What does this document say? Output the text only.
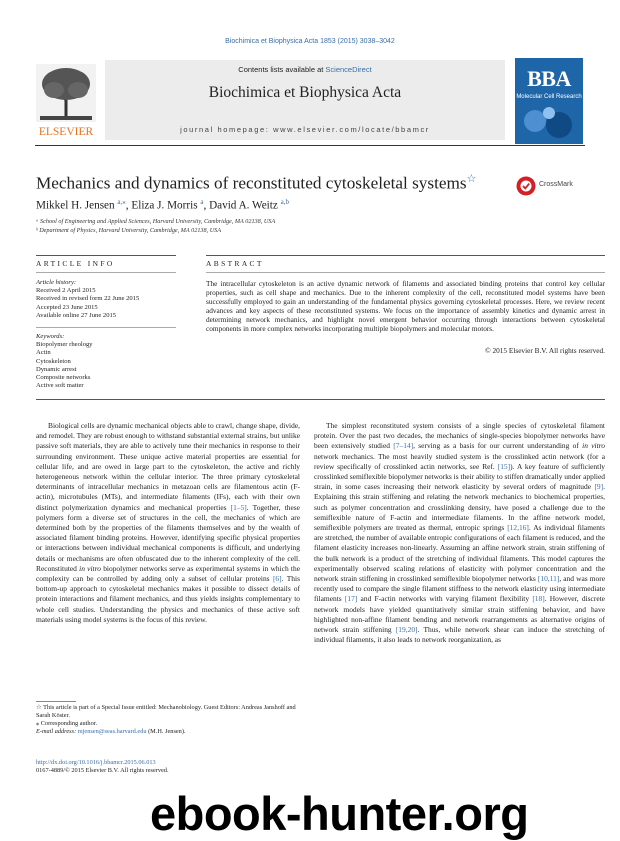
Biochimica et Biophysica Acta 1853 (2015) 3038–3042
Contents lists available at ScienceDirect
Biochimica et Biophysica Acta
journal homepage: www.elsevier.com/locate/bbamcr
ELSEVIER
BBA
Molecular Cell Research
Mechanics and dynamics of reconstituted cytoskeletal systems☆	CrossMark
Mikkel H. Jensen $^{a,⁎}$, Eliza J. Morris $^a$, David A. Weitz $^{a,b}$
ᵃ School of Engineering and Applied Sciences, Harvard University, Cambridge, MA 02138, USA
ᵇ Department of Physics, Harvard University, Cambridge, MA 02138, USA
ARTICLE INFO	ABSTRACT
Article history:
Received 2 April 2015
Received in revised form 22 June 2015
Accepted 23 June 2015
Available online 27 June 2015
Keywords:
Biopolymer rheology
Actin
Cytoskeleton
Dynamic arrest
Composite networks
Active soft matter
The intracellular cytoskeleton is an active dynamic network of filaments and associated binding proteins that control key cellular properties, such as cell shape and mechanics. Due to the inherent complexity of the cell, reconstituted model systems have been successfully employed to gain an understanding of the fundamental physics governing cytoskeletal processes. Here, we review recent advances and key aspects of these reconstituted systems. We focus on the importance of assembly kinetics and dynamic arrest in determining network mechanics, and highlight novel emergent behavior occurring through interactions between cytoskeletal components in more complex networks incorporating multiple biopolymers and molecular motors.
© 2015 Elsevier B.V. All rights reserved.
Biological cells are dynamic mechanical objects able to crawl, change shape, divide, and remodel. They are robust enough to withstand substantial external strains, but unlike passive soft materials, they are able to actively tune their mechanics in response to their surrounding environment. These unique active material properties are essential for cellular life, and are owed in large part to the cytoskeleton, the active and richly heterogeneous network within the cellular interior. The three primary cytoskeletal determinants of intracellular mechanics in metazoan cells are filamentous actin (F-actin), microtubules (MTs), and intermediate filaments (IFs), each with their own distinct polymerization dynamics and mechanical properties [1–5]. Together, these polymers form a diverse set of structures in the cell, the mechanics of which are determined both by the properties of the filaments themselves and by the wealth of associated filament binding proteins. However, identifying specific physical properties or interactions between individual mechanical components is difficult, and underlying details or mechanisms are often obfuscated due to the inherent complexity of the cell. Reconstituted in vitro biopolymer networks serve as experimental systems in which the complexity can be controlled by adding only a subset of cellular proteins [6]. This bottom-up approach to cytoskeletal mechanics makes it possible to dissect details of protein interactions and filament mechanics, and thus yields insights complementary to whole cell studies. Understanding the physics and mechanics of these active soft materials using model systems is the focus of this review.
The simplest reconstituted system consists of a single species of cytoskeletal filament protein. Over the past two decades, the mechanics of single-species biopolymer networks have been extensively studied [7–14], serving as a basis for our current understanding of in vitro network mechanics. The most heavily studied system is the crosslinked actin network (for a review specifically of crosslinked actin networks, see Ref. [15]). A key feature of sufficiently crosslinked semiflexible biopolymer networks is their ability to stiffen dramatically under applied strain, in some cases increasing their network elasticity by several orders of magnitude [9]. Explaining this strain stiffening and relating the network mechanics to biochemical properties, such as polymer concentration and crosslinking density, have posed a challenge due to the semiflexible nature of F-actin and intermediate filaments. In the affine network model, semiflexible polymers are treated as thermal, entropic springs [12,16]. As individual filaments are stretched, the number of available entropic configurations of each filament is reduced, and the filament elasticity increases non-linearly. Assuming an affine network strain, strain stiffening of the bulk network is a product of the stretching of individual filaments. This model captures the experimentally observed scaling relations of elasticity with polymer concentration and the network strain stiffening in crosslinked semiflexible biopolymer networks [10,11], and was more recently used to compare the single filament stiffness to the network elasticity using intermediate filaments [17] and F-actin networks with varying filament flexibility [18]. However, discrete network models have yielded quantitatively similar strain stiffening behavior, and have highlighted non-affine filament bending and network rearrangements as alternative origins of network strain stiffening [19,20]. Thus, while network shear can induce the stretching of individual filaments, it also leads to network reorganization, as
☆ This article is part of a Special Issue entitled: Mechanobiology. Guest Editors: Andreas Janshoff and Sarah Köster.
⁎ Corresponding author.
E-mail address: mjensen@seas.harvard.edu (M.H. Jensen).
http://dx.doi.org/10.1016/j.bbamcr.2015.06.013
0167-4889/© 2015 Elsevier B.V. All rights reserved.
ebook-hunter.org
